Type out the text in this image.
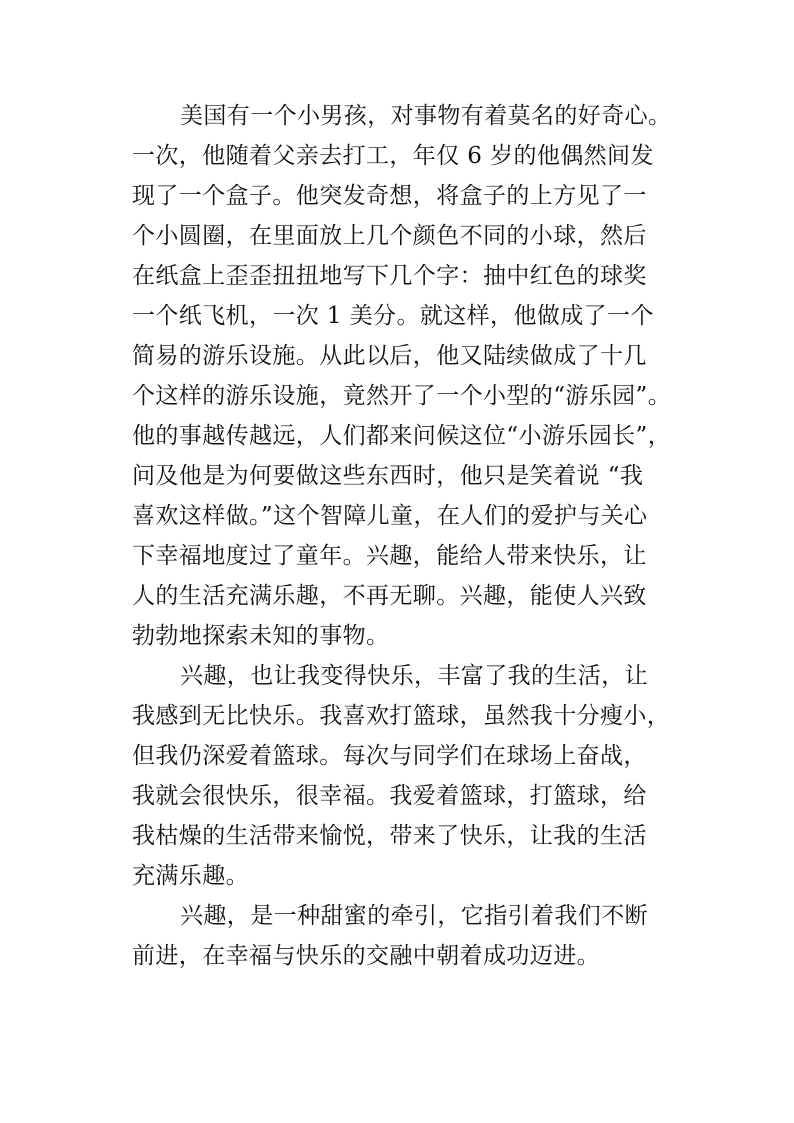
美国有一个小男孩，对事物有着莫名的好奇心。
一次，他随着父亲去打工，年仅 6 岁的他偶然间发
现了一个盒子。他突发奇想，将盒子的上方见了一
个小圆圈，在里面放上几个颜色不同的小球，然后
在纸盒上歪歪扭扭地写下几个字：抽中红色的球奖
一个纸飞机，一次 1 美分。就这样，他做成了一个
简易的游乐设施。从此以后，他又陆续做成了十几
个这样的游乐设施，竟然开了一个小型的“游乐园”。
他的事越传越远，人们都来问候这位“小游乐园长”，
问及他是为何要做这些东西时，他只是笑着说 “我
喜欢这样做。”这个智障儿童，在人们的爱护与关心
下幸福地度过了童年。兴趣，能给人带来快乐，让
人的生活充满乐趣，不再无聊。兴趣，能使人兴致
勃勃地探索未知的事物。
兴趣，也让我变得快乐，丰富了我的生活，让
我感到无比快乐。我喜欢打篮球，虽然我十分瘦小，
但我仍深爱着篮球。每次与同学们在球场上奋战，
我就会很快乐，很幸福。我爱着篮球，打篮球，给
我枯燥的生活带来愉悦，带来了快乐，让我的生活
充满乐趣。
兴趣，是一种甜蜜的牵引，它指引着我们不断
前进，在幸福与快乐的交融中朝着成功迈进。
